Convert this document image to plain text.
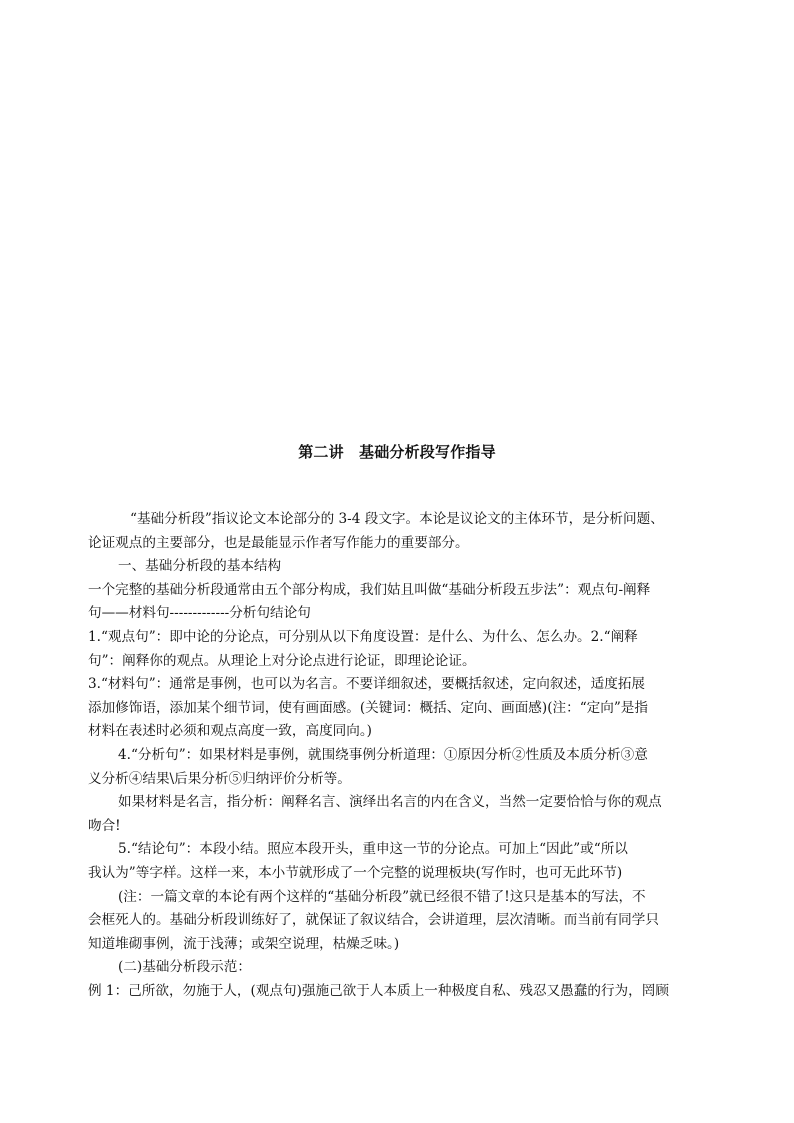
第二讲　基础分析段写作指导
“基础分析段”指议论文本论部分的 3-4 段文字。本论是议论文的主体环节，是分析问题、
论证观点的主要部分，也是最能显示作者写作能力的重要部分。
一、基础分析段的基本结构
一个完整的基础分析段通常由五个部分构成，我们姑且叫做“基础分析段五步法”：观点句-阐释
句——材料句-------------分析句结论句
1.“观点句”：即中论的分论点，可分别从以下角度设置：是什么、为什么、怎么办。2.“阐释
句”：阐释你的观点。从理论上对分论点进行论证，即理论论证。
3.“材料句”：通常是事例，也可以为名言。不要详细叙述，要概括叙述，定向叙述，适度拓展
添加修饰语，添加某个细节词，使有画面感。(关键词：概括、定向、画面感)(注：“定向”是指
材料在表述时必须和观点高度一致，高度同向。)
4.“分析句”：如果材料是事例，就围绕事例分析道理：①原因分析②性质及本质分析③意
义分析④结果\后果分析⑤归纳评价分析等。
如果材料是名言，指分析：阐释名言、演绎出名言的内在含义，当然一定要恰恰与你的观点
吻合!
5.“结论句”：本段小结。照应本段开头，重申这一节的分论点。可加上“因此”或“所以
我认为”等字样。这样一来，本小节就形成了一个完整的说理板块(写作时，也可无此环节)
(注：一篇文章的本论有两个这样的“基础分析段”就已经很不错了!这只是基本的写法，不
会框死人的。基础分析段训练好了，就保证了叙议结合，会讲道理，层次清晰。而当前有同学只
知道堆砌事例，流于浅薄；或架空说理，枯燥乏味。)
(二)基础分析段示范：
例 1：己所欲，勿施于人，(观点句)强施己欲于人本质上一种极度自私、残忍又愚蠢的行为，罔顾
